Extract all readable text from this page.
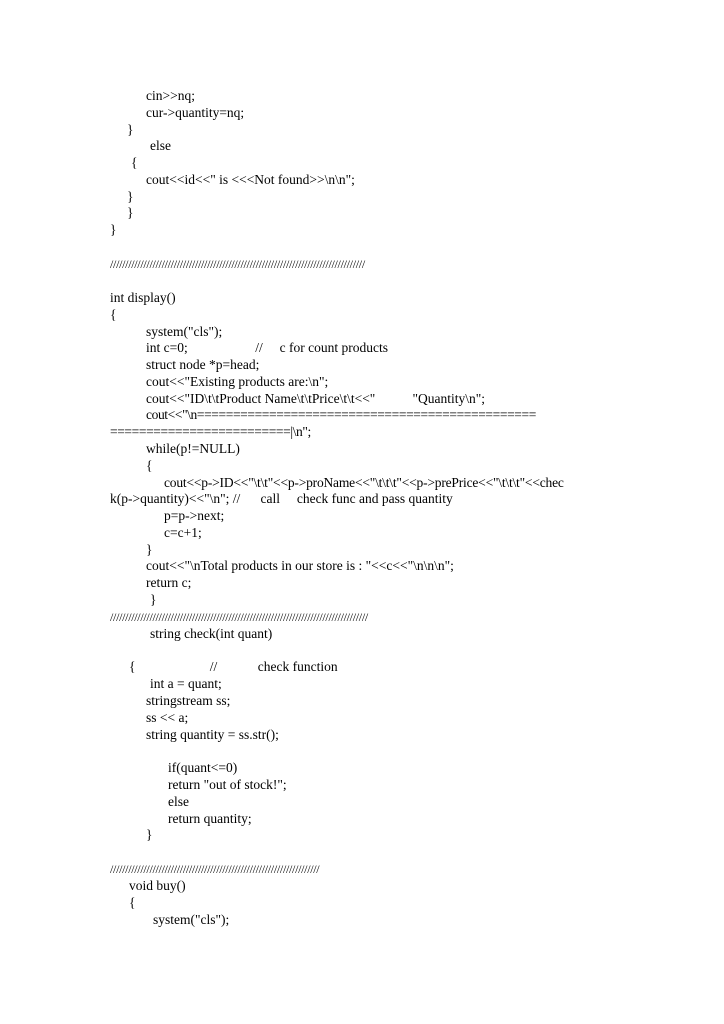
cin>>nq;

cur->quantity=nq;

}

else

{

cout<<id<<" is <<<Not found>>\n\n";

}

}

}

////////////////////////////////////////////////////////////////////////////////////

int display()

{

system("cls");

int c=0;                    //     c for count products

struct node *p=head;

cout<<"Existing products are:\n";

cout<<"ID\t\tProduct Name\t\tPrice\t\t<<"           "Quantity\n";

cout<<"\n===============================================

=========================|\n";

while(p!=NULL)

{

cout<<p->ID<<"\t\t"<<p->proName<<"\t\t\t"<<p->prePrice<<"\t\t\t"<<chec

k(p->quantity)<<"\n"; //      call     check func and pass quantity

p=p->next;

c=c+1;

}

cout<<"\nTotal products in our store is : "<<c<<"\n\n\n";

return c;

}

/////////////////////////////////////////////////////////////////////////////////////

string check(int quant)

{                      //            check function

int a = quant;

stringstream ss;

ss << a;

string quantity = ss.str();

if(quant<=0)

return "out of stock!";

else

return quantity;

}

/////////////////////////////////////////////////////////////////////

void buy()

{

system("cls");
